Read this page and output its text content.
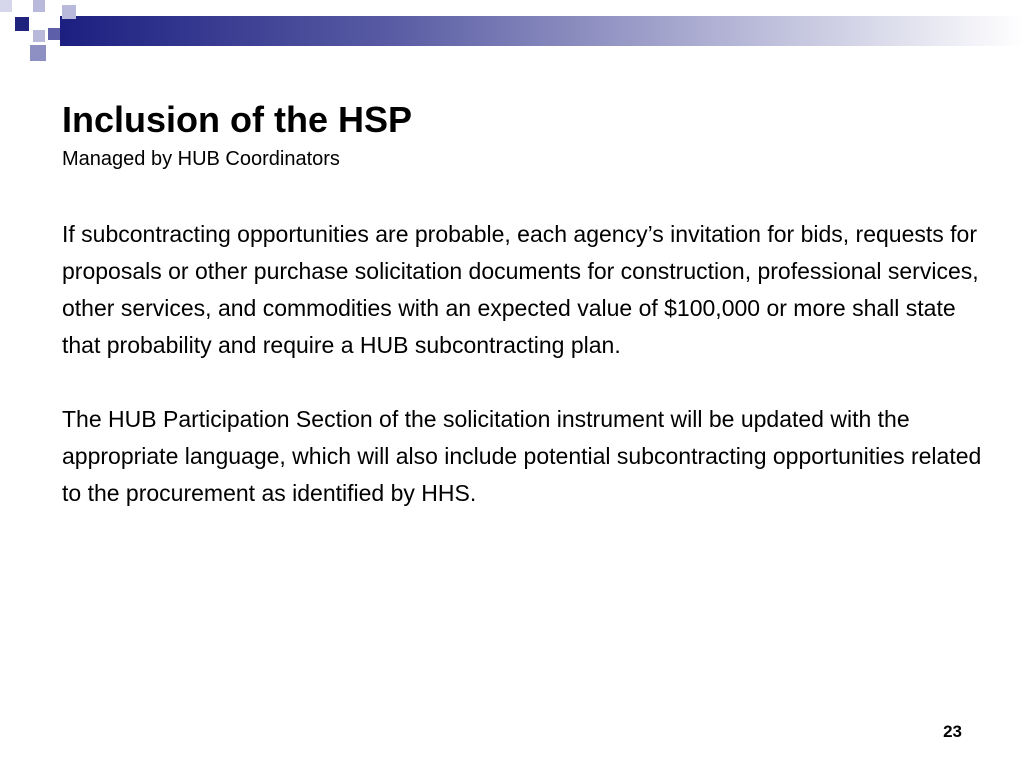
Inclusion of the HSP

Managed by HUB Coordinators

If subcontracting opportunities are probable, each agency’s invitation for bids, requests for proposals or other purchase solicitation documents for construction, professional services, other services, and commodities with an expected value of $100,000 or more shall state that probability and require a HUB subcontracting plan.

The HUB Participation Section of the solicitation instrument will be updated with the appropriate language, which will also include potential subcontracting opportunities related to the procurement as identified by HHS.

23
